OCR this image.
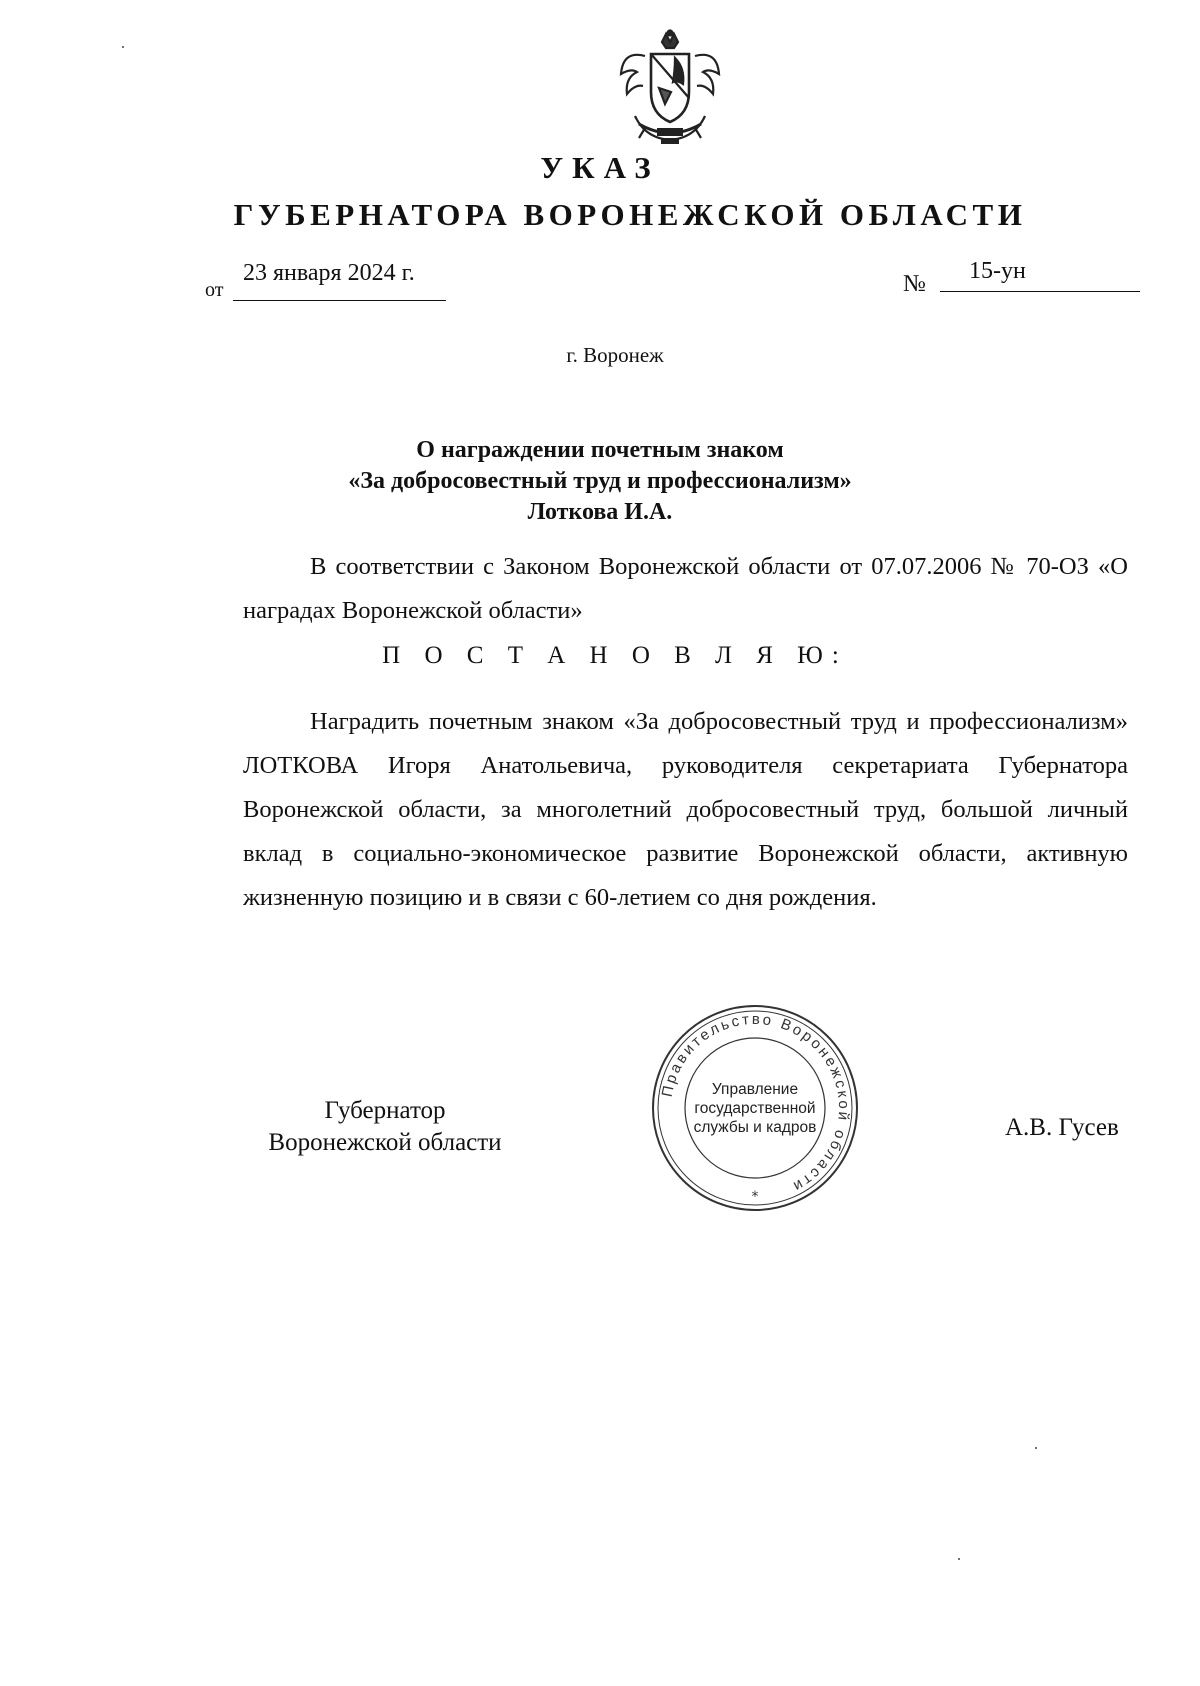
УКАЗ
ГУБЕРНАТОРА ВОРОНЕЖСКОЙ ОБЛАСТИ
от
23 января 2024 г.	№ 15-ун
г. Воронеж
О награждении почетным знаком
«За добросовестный труд и профессионализм»
Лоткова И.А.
В соответствии с Законом Воронежской области от 07.07.2006 № 70-ОЗ «О наградах Воронежской области»
П О С Т А Н О В Л Я Ю:
Наградить почетным знаком «За добросовестный труд и профессионализм» ЛОТКОВА Игоря Анатольевича, руководителя секретариата Губернатора Воронежской области, за многолетний добросовестный труд, большой личный вклад в социально-экономическое развитие Воронежской области, активную жизненную позицию и в связи с 60-летием со дня рождения.
Губернатор
Воронежской области
А.В. Гусев
Правительство Воронежской области
*
Управление
государственной
службы и кадров
